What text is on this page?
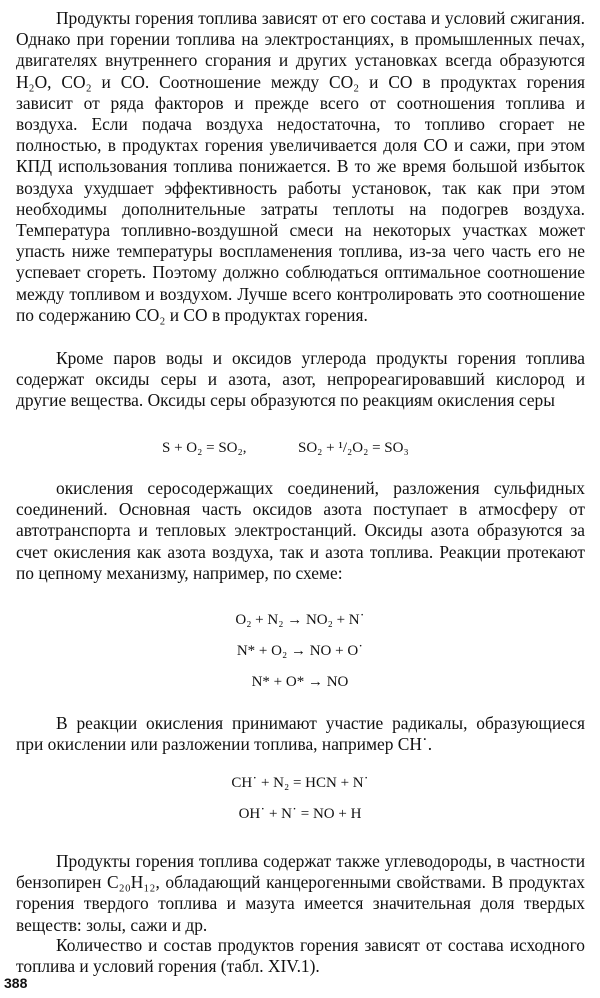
Продукты горения топлива зависят от его состава и условий сжигания. Однако при горении топлива на электростанциях, в промышленных печах, двигателях внутреннего сгорания и других установках всегда образуются H₂O, CO₂ и CO. Соотношение между CO₂ и CO в продуктах горения зависит от ряда факторов и прежде всего от соотношения топлива и воздуха. Если подача воздуха недостаточна, то топливо сгорает не полностью, в продуктах горения увеличивается доля CO и сажи, при этом КПД использования топлива понижается. В то же время большой избыток воздуха ухудшает эффективность работы установок, так как при этом необходимы дополнительные затраты теплоты на подогрев воздуха. Температура топливно-воздушной смеси на некоторых участках может упасть ниже температуры воспламенения топлива, из-за чего часть его не успевает сгореть. Поэтому должно соблюдаться оптимальное соотношение между топливом и воздухом. Лучше всего контролировать это соотношение по содержанию CO₂ и CO в продуктах горения.

Кроме паров воды и оксидов углерода продукты горения топлива содержат оксиды серы и азота, азот, непрореагировавший кислород и другие вещества. Оксиды серы образуются по реакциям окисления серы

S + O₂ = SO₂,	SO₂ + ¹/₂O₂ = SO₃

окисления серосодержащих соединений, разложения сульфидных соединений. Основная часть оксидов азота поступает в атмосферу от автотранспорта и тепловых электростанций. Оксиды азота образуются за счет окисления как азота воздуха, так и азота топлива. Реакции протекают по цепному механизму, например, по схеме:

O₂ + N₂ → NO₂ + N˙
N* + O₂ → NO + O˙
N* + O* → NO

В реакции окисления принимают участие радикалы, образующиеся при окислении или разложении топлива, например CH˙.

CH˙ + N₂ = HCN + N˙
OH˙ + N˙ = NO + H

Продукты горения топлива содержат также углеводороды, в частности бензопирен C₂₀H₁₂, обладающий канцерогенными свойствами. В продуктах горения твердого топлива и мазута имеется значительная доля твердых веществ: золы, сажи и др.

Количество и состав продуктов горения зависят от состава исходного топлива и условий горения (табл. XIV.1).

388
